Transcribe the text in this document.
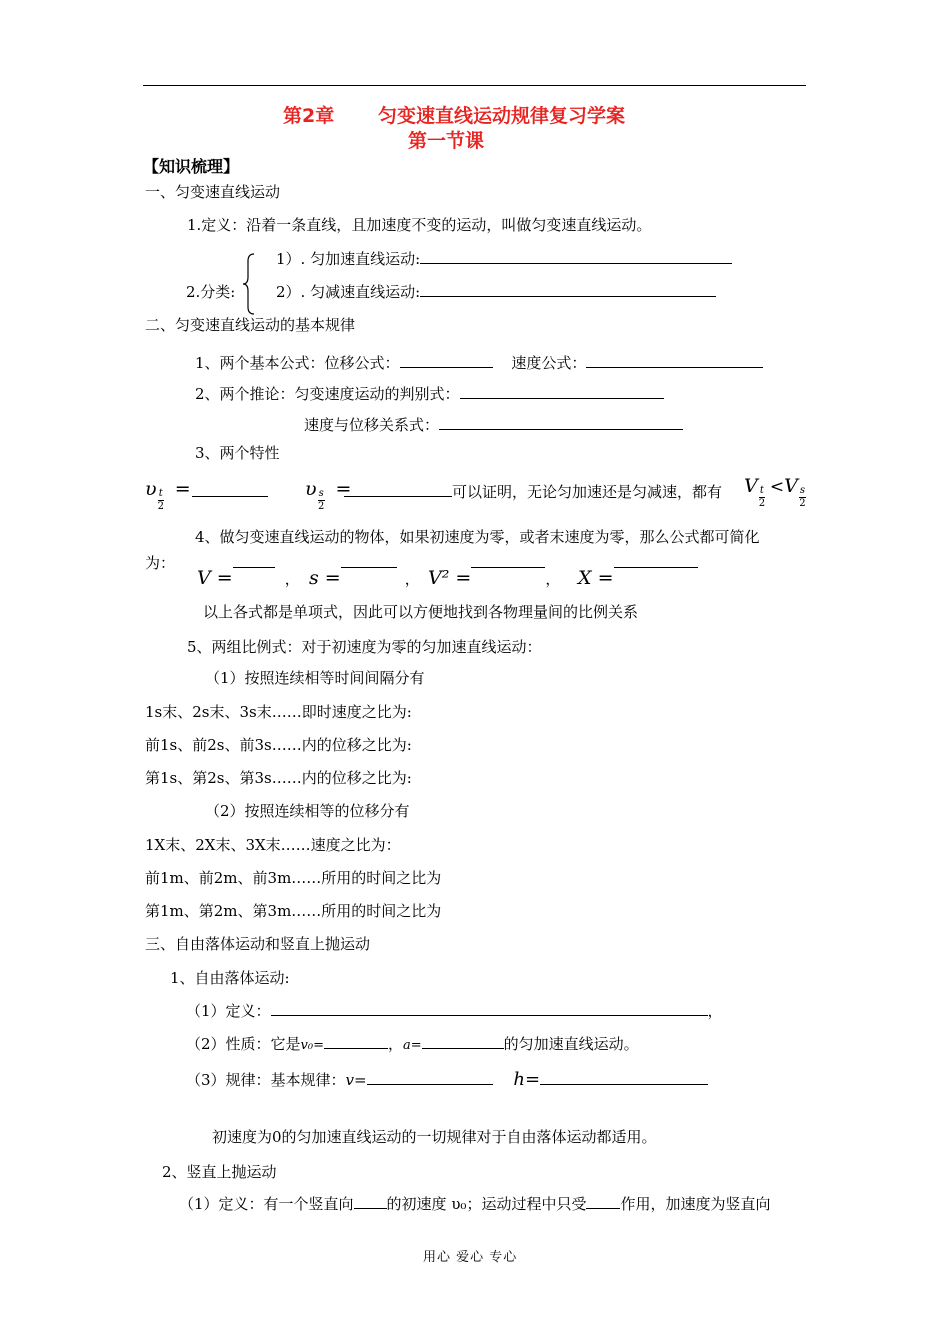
第2章 匀变速直线运动规律复习学案
第一节课
【知识梳理】
一、匀变速直线运动
1.定义：沿着一条直线，且加速度不变的运动，叫做匀变速直线运动。
1）. 匀加速直线运动:
2.分类:	2）. 匀减速直线运动:
二、匀变速直线运动的基本规律
1、两个基本公式：位移公式：	速度公式：
2、两个推论：匀变速度运动的判别式：
速度与位移关系式：
3、两个特性
υ $\frac{t}{2}$ =	υ $\frac{s}{2}$ =	可以证明，无论匀加速还是匀减速，都有 V $\frac{t}{2} <V \frac{s}{2}$
4、做匀变速直线运动的物体，如果初速度为零，或者末速度为零，那么公式都可简化
为：
V =	， s =	， V² =	， X =
以上各式都是单项式，因此可以方便地找到各物理量间的比例关系
5、两组比例式：对于初速度为零的匀加速直线运动：
（1）按照连续相等时间间隔分有
1s末、2s末、3s末……即时速度之比为:
前1s、前2s、前3s……内的位移之比为:
第1s、第2s、第3s……内的位移之比为:
（2）按照连续相等的位移分有
1X末、2X末、3X末……速度之比为：
前1m、前2m、前3m……所用的时间之比为
第1m、第2m、第3m……所用的时间之比为
三、自由落体运动和竖直上抛运动
1、自由落体运动:
（1）定义：	，
（2）性质：它是v₀=	，a=	的匀加速直线运动。
（3）规律：基本规律：v=	h=
初速度为0的匀加速直线运动的一切规律对于自由落体运动都适用。
2、竖直上抛运动
（1）定义：有一个竖直向 的初速度 υ₀；运动过程中只受 作用，加速度为竖直向
用心 爱心 专心
